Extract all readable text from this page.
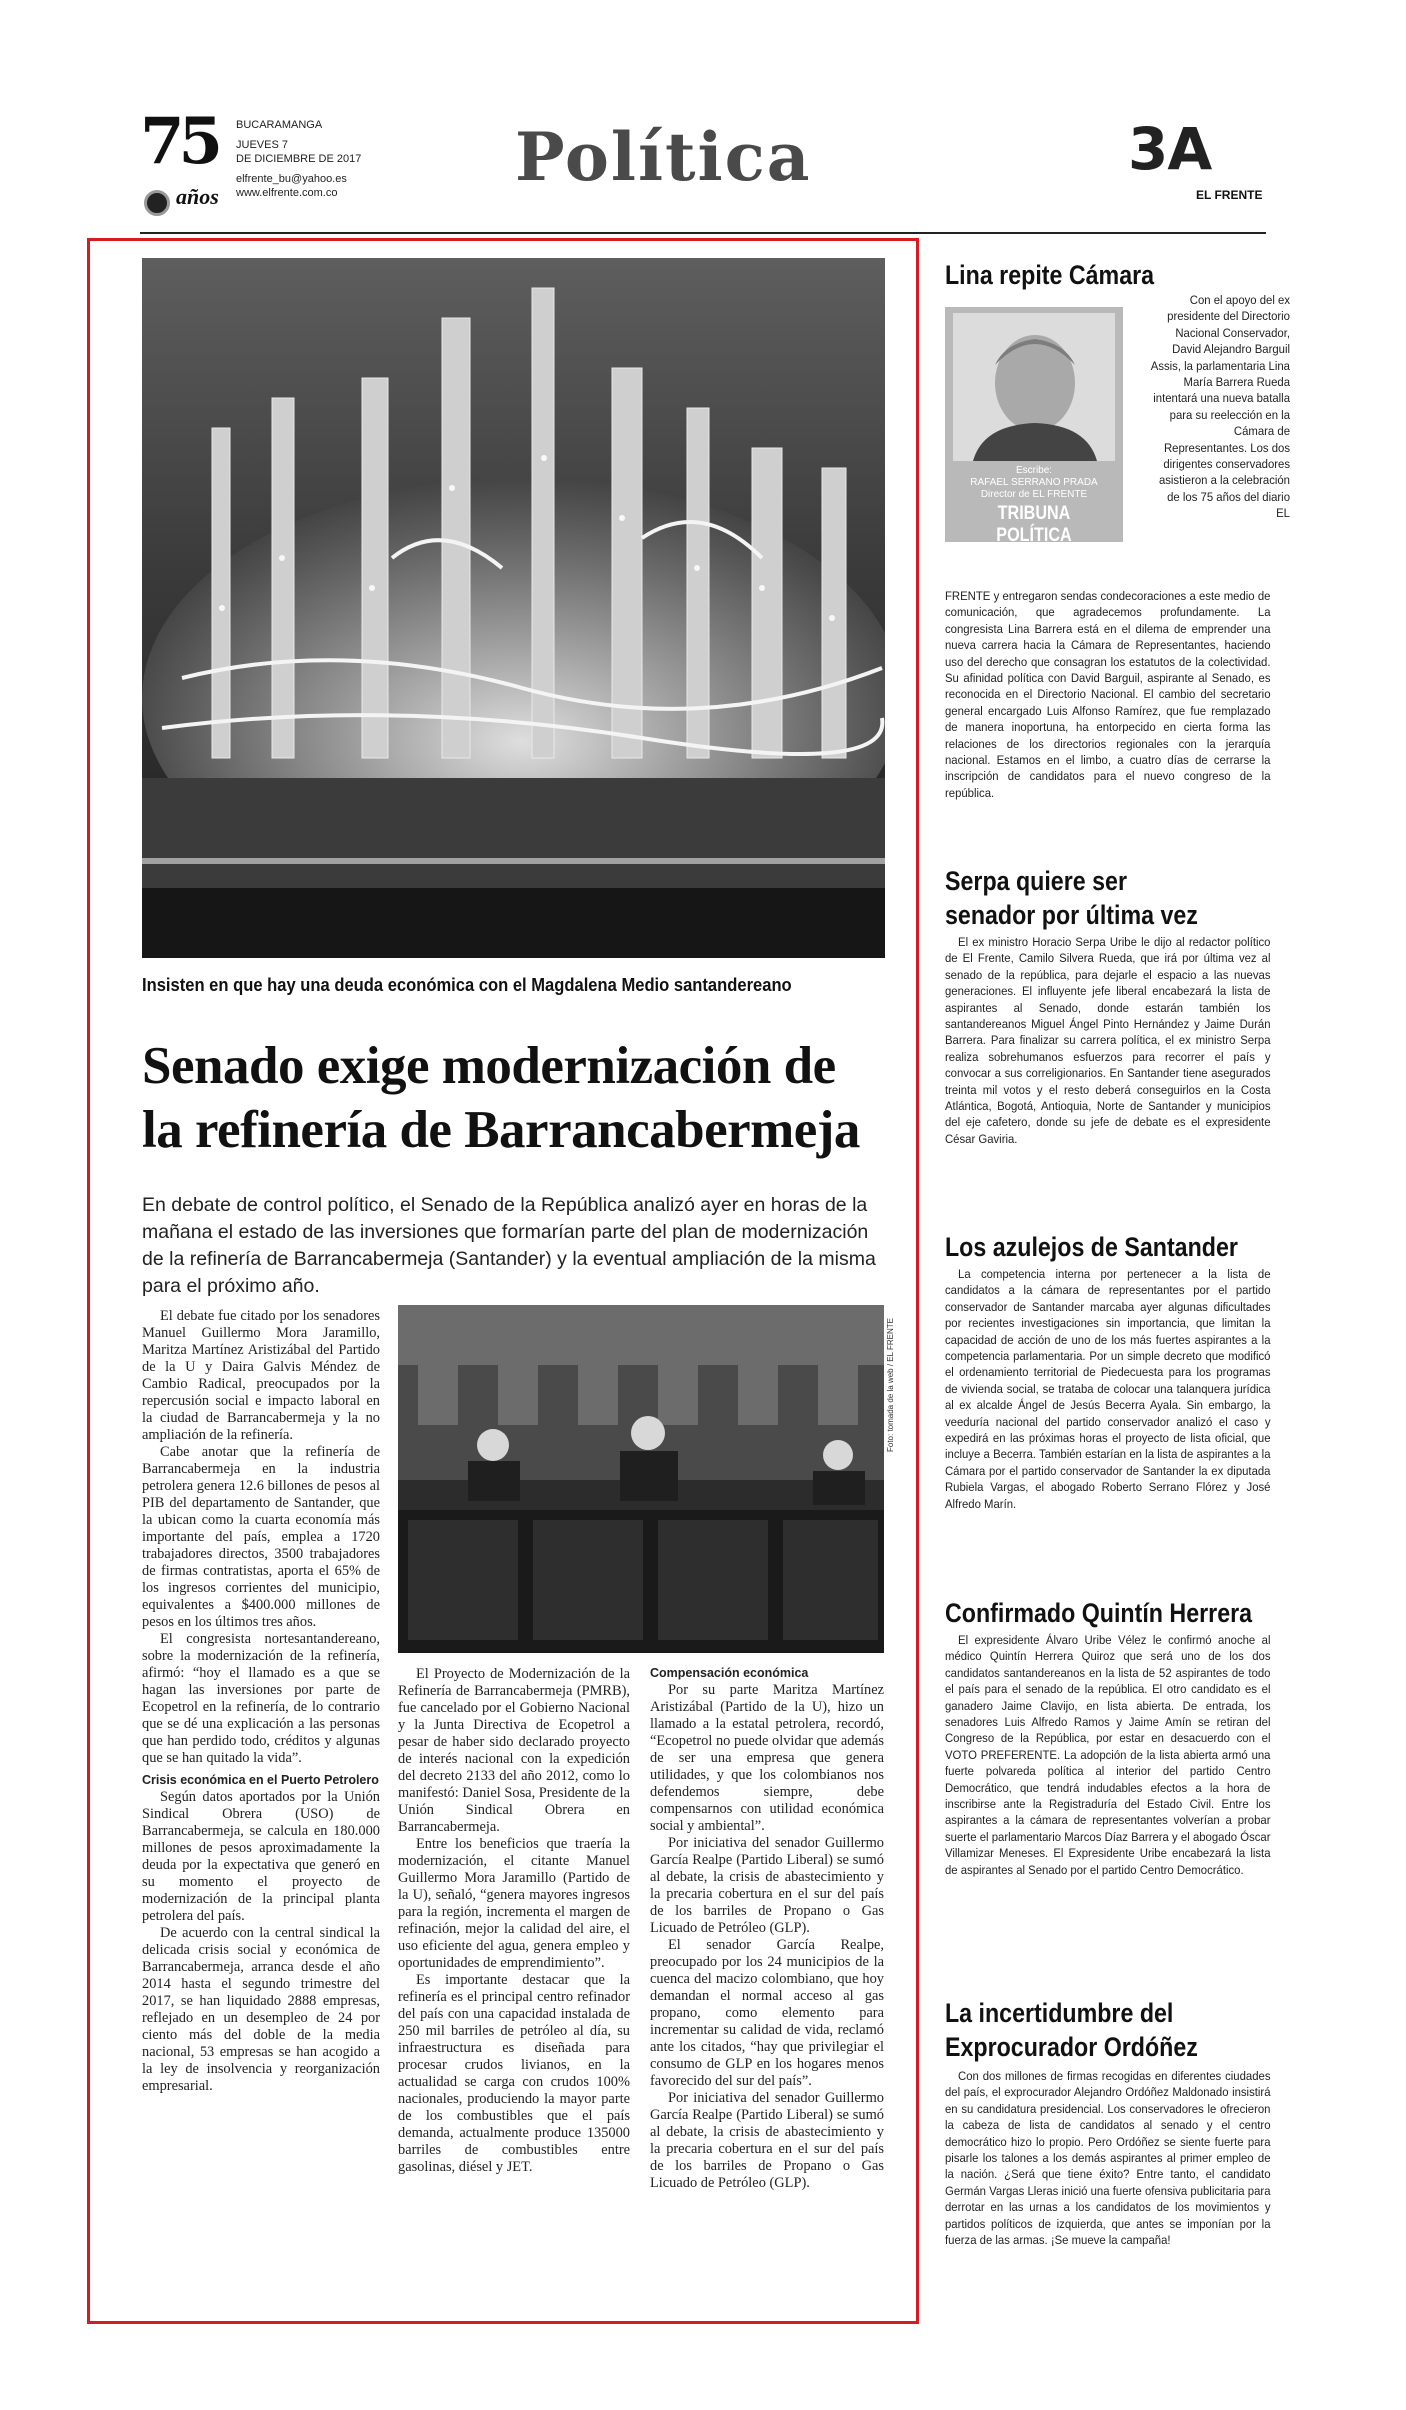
75
años
BUCARAMANGA
JUEVES 7
DE DICIEMBRE DE 2017
elfrente_bu@yahoo.es
www.elfrente.com.co	Política	3A
EL FRENTE
Insisten en que hay una deuda económica con el Magdalena Medio santandereano
Senado exige modernización de
la refinería de Barrancabermeja
En debate de control político, el Senado de la República analizó ayer en horas de la mañana el estado de las inversiones que formarían parte del plan de modernización de la refinería de Barrancabermeja (Santander) y la eventual ampliación de la misma para el próximo año.

El debate fue citado por los senadores Manuel Guillermo Mora Jaramillo, Maritza Martínez Aristizábal del Partido de la U y Daira Galvis Méndez de Cambio Radical, preocupados por la repercusión social e impacto laboral en la ciudad de Barrancabermeja y la no ampliación de la refinería.

Cabe anotar que la refinería de Barrancabermeja en la industria petrolera genera 12.6 billones de pesos al PIB del departamento de Santander, que la ubican como la cuarta economía más importante del país, emplea a 1720 trabajadores directos, 3500 trabajadores de firmas contratistas, aporta el 65% de los ingresos corrientes del municipio, equivalentes a $400.000 millones de pesos en los últimos tres años.

El congresista nortesantandereano, sobre la modernización de la refinería, afirmó: “hoy el llamado es a que se hagan las inversiones por parte de Ecopetrol en la refinería, de lo contrario que se dé una explicación a las personas que han perdido todo, créditos y algunas que se han quitado la vida”.

Crisis económica en el Puerto Petrolero

Según datos aportados por la Unión Sindical Obrera (USO) de Barrancabermeja, se calcula en 180.000 millones de pesos aproximadamente la deuda por la expectativa que generó en su momento el proyecto de modernización de la principal planta petrolera del país.

De acuerdo con la central sindical la delicada crisis social y económica de Barrancabermeja, arranca desde el año 2014 hasta el segundo trimestre del 2017, se han liquidado 2888 empresas, reflejado en un desempleo de 24 por ciento más del doble de la media nacional, 53 empresas se han acogido a la ley de insolvencia y reorganización empresarial.

Foto: tomada de la web / EL FRENTE

El Proyecto de Modernización de la Refinería de Barrancabermeja (PMRB), fue cancelado por el Gobierno Nacional y la Junta Directiva de Ecopetrol a pesar de haber sido declarado proyecto de interés nacional con la expedición del decreto 2133 del año 2012, como lo manifestó: Daniel Sosa, Presidente de la Unión Sindical Obrera en Barrancabermeja.

Entre los beneficios que traería la modernización, el citante Manuel Guillermo Mora Jaramillo (Partido de la U), señaló, “genera mayores ingresos para la región, incrementa el margen de refinación, mejor la calidad del aire, el uso eficiente del agua, genera empleo y oportunidades de emprendimiento”.

Es importante destacar que la refinería es el principal centro refinador del país con una capacidad instalada de 250 mil barriles de petróleo al día, su infraestructura es diseñada para procesar crudos livianos, en la actualidad se carga con crudos 100% nacionales, produciendo la mayor parte de los combustibles que el país demanda, actualmente produce 135000 barriles de combustibles entre gasolinas, diésel y JET.

Compensación económica

Por su parte Maritza Martínez Aristizábal (Partido de la U), hizo un llamado a la estatal petrolera, recordó, “Ecopetrol no puede olvidar que además de ser una empresa que genera utilidades, y que los colombianos nos defendemos siempre, debe compensarnos con utilidad económica social y ambiental”.

Por iniciativa del senador Guillermo García Realpe (Partido Liberal) se sumó al debate, la crisis de abastecimiento y la precaria cobertura en el sur del país de los barriles de Propano o Gas Licuado de Petróleo (GLP).

El senador García Realpe, preocupado por los 24 municipios de la cuenca del macizo colombiano, que hoy demandan el normal acceso al gas propano, como elemento para incrementar su calidad de vida, reclamó ante los citados, “hay que privilegiar el consumo de GLP en los hogares menos favorecido del sur del país”.

Por iniciativa del senador Guillermo García Realpe (Partido Liberal) se sumó al debate, la crisis de abastecimiento y la precaria cobertura en el sur del país de los barriles de Propano o Gas Licuado de Petróleo (GLP).

Lina repite Cámara
Escribe:
RAFAEL SERRANO PRADA
Director de EL FRENTE
TRIBUNA POLÍTICA
Con el apoyo del ex presidente del Directorio Nacional Conservador, David Alejandro Barguil Assis, la parlamentaria Lina María Barrera Rueda intentará una nueva batalla para su reelección en la Cámara de Representantes. Los dos dirigentes conservadores asistieron a la celebración de los 75 años del diario EL
FRENTE y entregaron sendas condecoraciones a este medio de comunicación, que agradecemos profundamente. La congresista Lina Barrera está en el dilema de emprender una nueva carrera hacia la Cámara de Representantes, haciendo uso del derecho que consagran los estatutos de la colectividad. Su afinidad política con David Barguil, aspirante al Senado, es reconocida en el Directorio Nacional. El cambio del secretario general encargado Luis Alfonso Ramírez, que fue remplazado de manera inoportuna, ha entorpecido en cierta forma las relaciones de los directorios regionales con la jerarquía nacional. Estamos en el limbo, a cuatro días de cerrarse la inscripción de candidatos para el nuevo congreso de la república.
Serpa quiere ser
senador por última vez

El ex ministro Horacio Serpa Uribe le dijo al redactor político de El Frente, Camilo Silvera Rueda, que irá por última vez al senado de la república, para dejarle el espacio a las nuevas generaciones. El influyente jefe liberal encabezará la lista de aspirantes al Senado, donde estarán también los santandereanos Miguel Ángel Pinto Hernández y Jaime Durán Barrera. Para finalizar su carrera política, el ex ministro Serpa realiza sobrehumanos esfuerzos para recorrer el país y convocar a sus correligionarios. En Santander tiene asegurados treinta mil votos y el resto deberá conseguirlos en la Costa Atlántica, Bogotá, Antioquia, Norte de Santander y municipios del eje cafetero, donde su jefe de debate es el expresidente César Gaviria.

Los azulejos de Santander

La competencia interna por pertenecer a la lista de candidatos a la cámara de representantes por el partido conservador de Santander marcaba ayer algunas dificultades por recientes investigaciones sin importancia, que limitan la capacidad de acción de uno de los más fuertes aspirantes a la competencia parlamentaria. Por un simple decreto que modificó el ordenamiento territorial de Piedecuesta para los programas de vivienda social, se trataba de colocar una talanquera jurídica al ex alcalde Ángel de Jesús Becerra Ayala. Sin embargo, la veeduría nacional del partido conservador analizó el caso y expedirá en las próximas horas el proyecto de lista oficial, que incluye a Becerra. También estarían en la lista de aspirantes a la Cámara por el partido conservador de Santander la ex diputada Rubiela Vargas, el abogado Roberto Serrano Flórez y José Alfredo Marín.

Confirmado Quintín Herrera

El expresidente Álvaro Uribe Vélez le confirmó anoche al médico Quintín Herrera Quiroz que será uno de los dos candidatos santandereanos en la lista de 52 aspirantes de todo el país para el senado de la república. El otro candidato es el ganadero Jaime Clavijo, en lista abierta. De entrada, los senadores Luis Alfredo Ramos y Jaime Amín se retiran del Congreso de la República, por estar en desacuerdo con el VOTO PREFERENTE. La adopción de la lista abierta armó una fuerte polvareda política al interior del partido Centro Democrático, que tendrá indudables efectos a la hora de inscribirse ante la Registraduría del Estado Civil. Entre los aspirantes a la cámara de representantes volverían a probar suerte el parlamentario Marcos Díaz Barrera y el abogado Óscar Villamizar Meneses. El Expresidente Uribe encabezará la lista de aspirantes al Senado por el partido Centro Democrático.

La incertidumbre del
Exprocurador Ordóñez

Con dos millones de firmas recogidas en diferentes ciudades del país, el exprocurador Alejandro Ordóñez Maldonado insistirá en su candidatura presidencial. Los conservadores le ofrecieron la cabeza de lista de candidatos al senado y el centro democrático hizo lo propio. Pero Ordóñez se siente fuerte para pisarle los talones a los demás aspirantes al primer empleo de la nación. ¿Será que tiene éxito? Entre tanto, el candidato Germán Vargas Lleras inició una fuerte ofensiva publicitaria para derrotar en las urnas a los candidatos de los movimientos y partidos políticos de izquierda, que antes se imponían por la fuerza de las armas. ¡Se mueve la campaña!
